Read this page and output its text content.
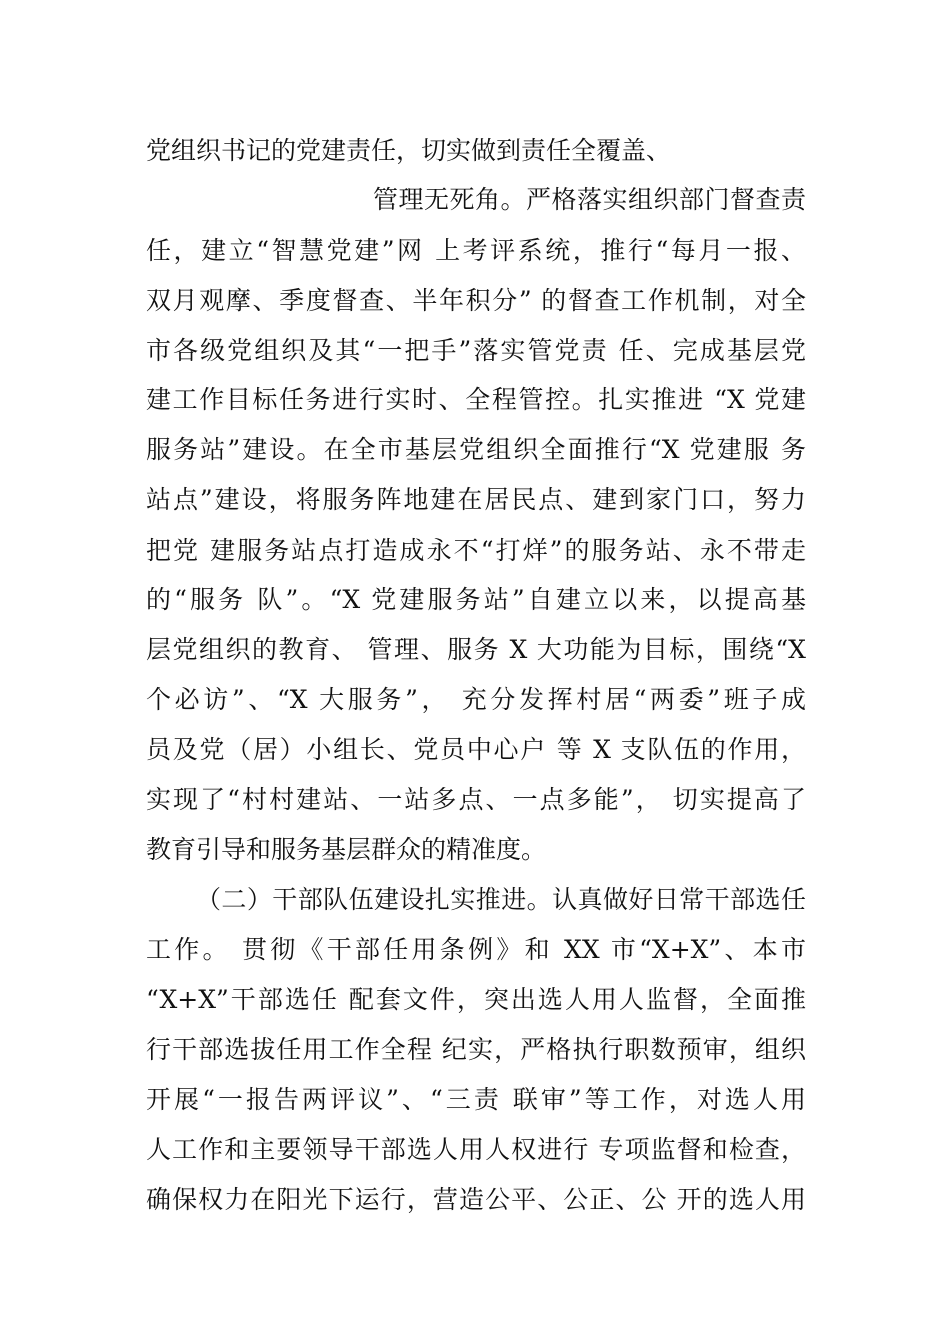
党组织书记的党建责任，切实做到责任全覆盖、
管理无死角。严格落实组织部门督查责
任，建立“智慧党建”网 上考评系统，推行“每月一报、
双月观摩、季度督查、半年积分” 的督查工作机制，对全
市各级党组织及其“一把手”落实管党责 任、完成基层党
建工作目标任务进行实时、全程管控。扎实推进 “X 党建
服务站”建设。在全市基层党组织全面推行“X 党建服 务
站点”建设，将服务阵地建在居民点、建到家门口，努力
把党 建服务站点打造成永不“打烊”的服务站、永不带走
的“服务 队”。“X 党建服务站”自建立以来，以提高基
层党组织的教育、 管理、服务 X 大功能为目标，围绕“X
个必访”、“X 大服务”， 充分发挥村居“两委”班子成
员及党（居）小组长、党员中心户 等 X 支队伍的作用，
实现了“村村建站、一站多点、一点多能”， 切实提高了
教育引导和服务基层群众的精准度。
（二）干部队伍建设扎实推进。认真做好日常干部选任
工作。 贯彻《干部任用条例》和 XX 市“X+X”、本市
“X+X”干部选任 配套文件，突出选人用人监督，全面推
行干部选拔任用工作全程 纪实，严格执行职数预审，组织
开展“一报告两评议”、“三责 联审”等工作，对选人用
人工作和主要领导干部选人用人权进行 专项监督和检查，
确保权力在阳光下运行，营造公平、公正、公 开的选人用
